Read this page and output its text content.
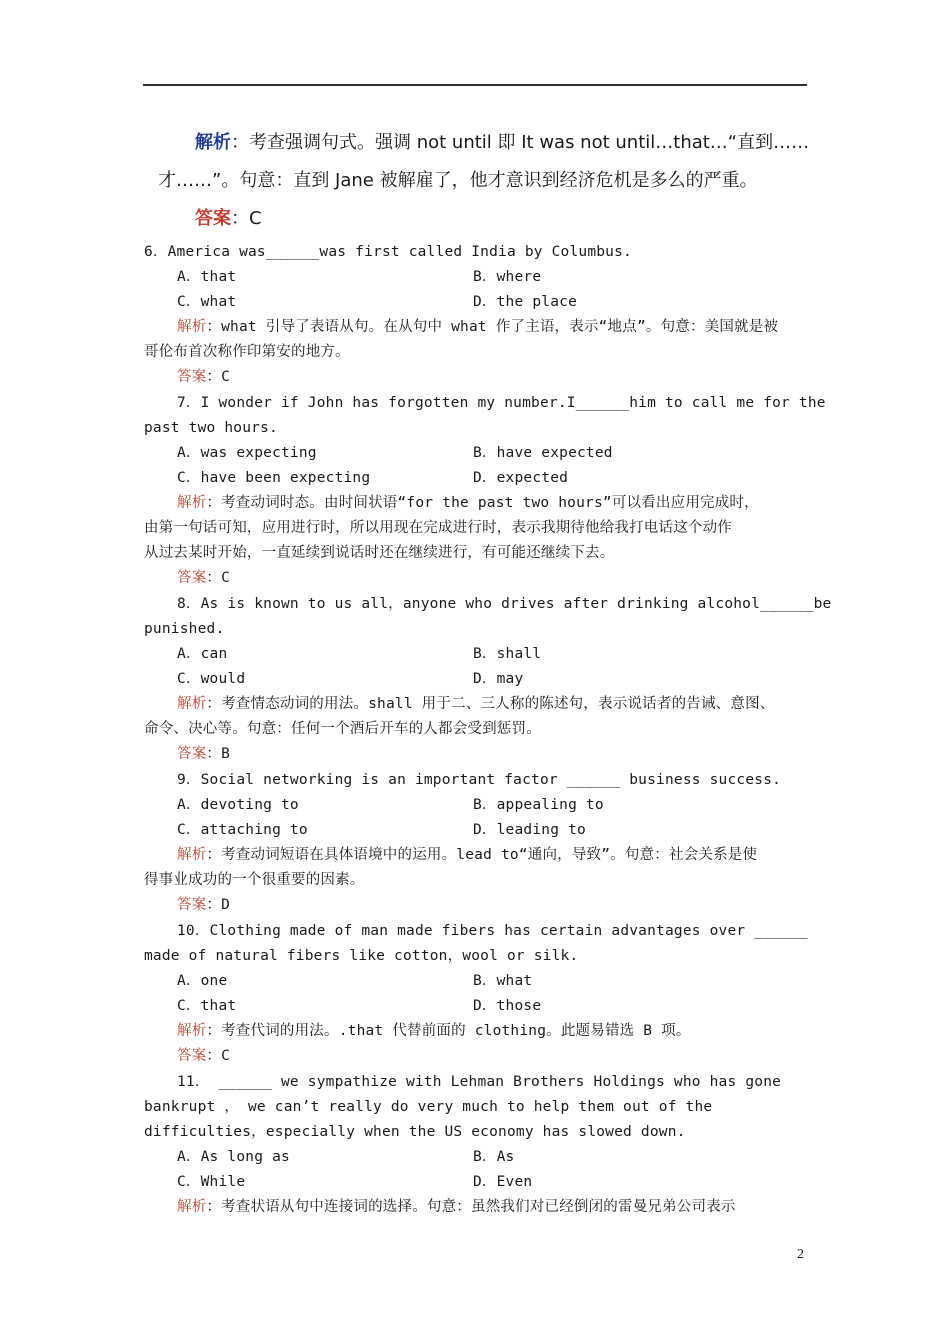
解析：考查强调句式。强调 not until 即 It was not until…that…“直到……
才……”。句意：直到 Jane 被解雇了，他才意识到经济危机是多么的严重。
答案：C
6．America was______was first called India by Columbus.
A．that	B．where
C．what	D．the place
解析：what 引导了表语从句。在从句中 what 作了主语，表示“地点”。句意：美国就是被
哥伦布首次称作印第安的地方。
答案：C
7．I wonder if John has forgotten my number.I______him to call me for the
past two hours.
A．was expecting	B．have expected
C．have been expecting	D．expected
解析：考查动词时态。由时间状语“for the past two hours”可以看出应用完成时，
由第一句话可知，应用进行时，所以用现在完成进行时，表示我期待他给我打电话这个动作
从过去某时开始，一直延续到说话时还在继续进行，有可能还继续下去。
答案：C
8．As is known to us all，anyone who drives after drinking alcohol______be
punished.
A．can	B．shall
C．would	D．may
解析：考查情态动词的用法。shall 用于二、三人称的陈述句，表示说话者的告诫、意图、
命令、决心等。句意：任何一个酒后开车的人都会受到惩罚。
答案：B
9．Social networking is an important factor ______ business success.
A．devoting to	B．appealing to
C．attaching to	D．leading to
解析：考查动词短语在具体语境中的运用。lead to“通向，导致”。句意：社会关系是使
得事业成功的一个很重要的因素。
答案：D
10．Clothing made of man made fibers has certain advantages over ______
made of natural fibers like cotton，wool or silk.
A．one	B．what
C．that	D．those
解析：考查代词的用法。.that 代替前面的 clothing。此题易错选 B 项。
答案：C
11． ______ we sympathize with Lehman Brothers Holdings who has gone
bankrupt ， we can’t really do very much to help them out of the
difficulties，especially when the US economy has slowed down.
A．As long as	B．As
C．While	D．Even
解析：考查状语从句中连接词的选择。句意：虽然我们对已经倒闭的雷曼兄弟公司表示
2
